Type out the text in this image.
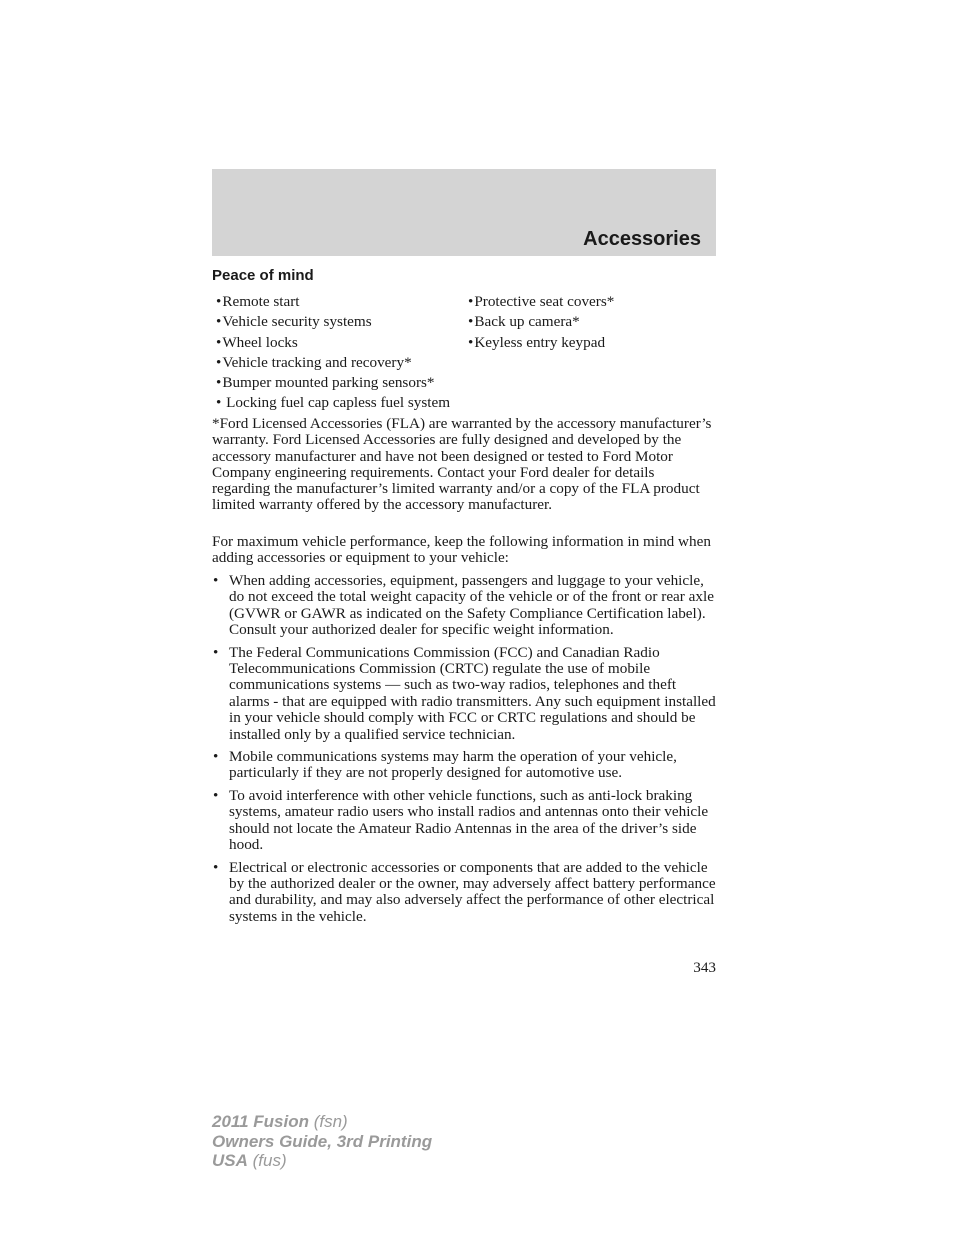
Accessories
Peace of mind
•Remote start
•Vehicle security systems
•Wheel locks
•Vehicle tracking and recovery*
•Bumper mounted parking sensors*
• Locking fuel cap capless fuel system
•Protective seat covers*
•Back up camera*
•Keyless entry keypad

*Ford Licensed Accessories (FLA) are warranted by the accessory manufacturer’s warranty. Ford Licensed Accessories are fully designed and developed by the accessory manufacturer and have not been designed or tested to Ford Motor Company engineering requirements. Contact your Ford dealer for details regarding the manufacturer’s limited warranty and/or a copy of the FLA product limited warranty offered by the accessory manufacturer.

For maximum vehicle performance, keep the following information in mind when adding accessories or equipment to your vehicle:

• When adding accessories, equipment, passengers and luggage to your vehicle, do not exceed the total weight capacity of the vehicle or of the front or rear axle (GVWR or GAWR as indicated on the Safety Compliance Certification label). Consult your authorized dealer for specific weight information.
• The Federal Communications Commission (FCC) and Canadian Radio Telecommunications Commission (CRTC) regulate the use of mobile communications systems — such as two-way radios, telephones and theft alarms - that are equipped with radio transmitters. Any such equipment installed in your vehicle should comply with FCC or CRTC regulations and should be installed only by a qualified service technician.
• Mobile communications systems may harm the operation of your vehicle, particularly if they are not properly designed for automotive use.
• To avoid interference with other vehicle functions, such as anti-lock braking systems, amateur radio users who install radios and antennas onto their vehicle should not locate the Amateur Radio Antennas in the area of the driver’s side hood.
• Electrical or electronic accessories or components that are added to the vehicle by the authorized dealer or the owner, may adversely affect battery performance and durability, and may also adversely affect the performance of other electrical systems in the vehicle.
343
2011 Fusion (fsn)
Owners Guide, 3rd Printing
USA (fus)
